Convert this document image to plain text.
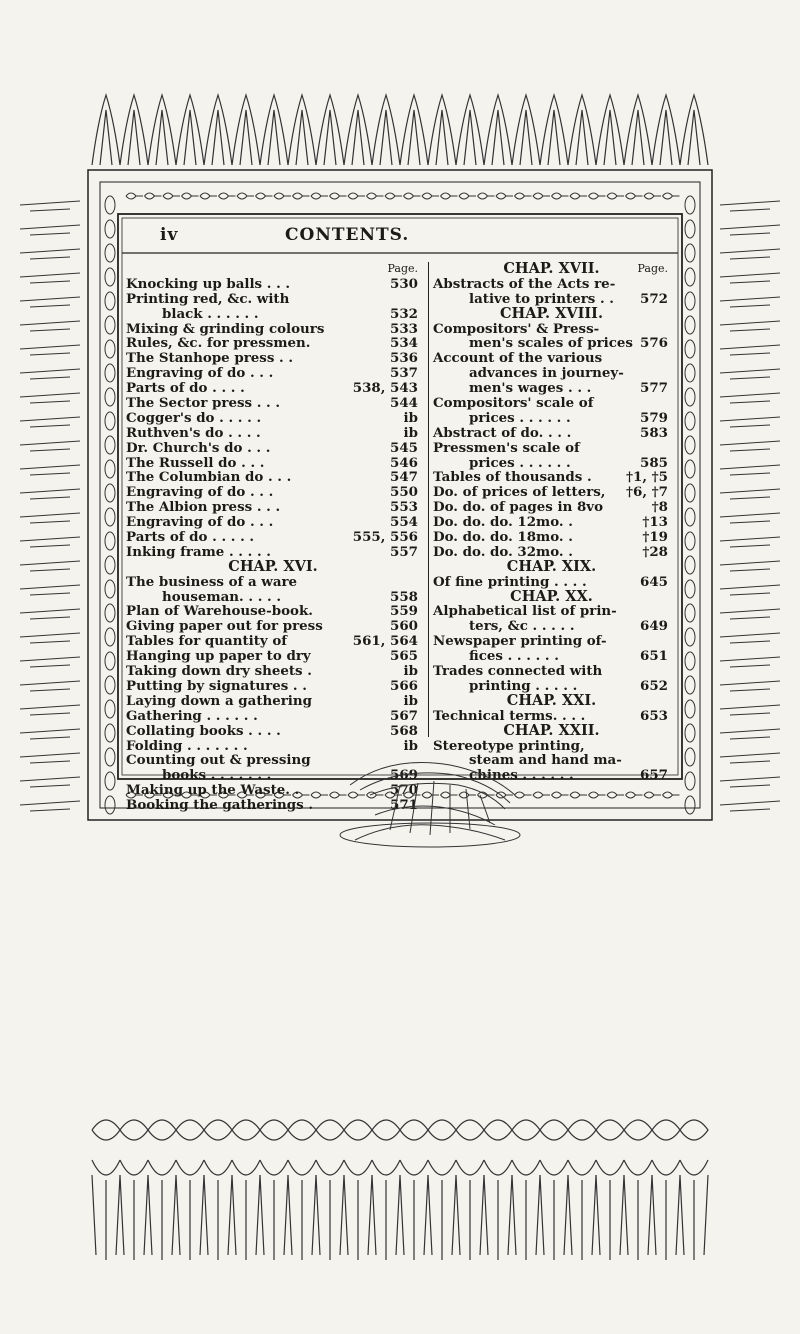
iv	CONTENTS.
Page.
Knocking up balls . . .	530
Printing red, &c. with
black . . . . . .	532
Mixing & grinding colours	533
Rules, &c. for pressmen.	534
The Stanhope press . .	536
Engraving of do . . .	537
Parts of do . . . .	538, 543
The Sector press . . .	544
Cogger's do . . . . .	ib
Ruthven's do . . . .	ib
Dr. Church's do . . .	545
The Russell do . . .	546
The Columbian do . . .	547
Engraving of do . . .	550
The Albion press . . .	553
Engraving of do . . .	554
Parts of do . . . . .	555, 556
Inking frame . . . . .	557
CHAP. XVI.
The business of a ware
houseman. . . . .	558
Plan of Warehouse-book.	559
Giving paper out for press	560
Tables for quantity of	561, 564
Hanging up paper to dry	565
Taking down dry sheets .	ib
Putting by signatures . .	566
Laying down a gathering	ib
Gathering . . . . . .	567
Collating books . . . .	568
Folding . . . . . . .	ib
Counting out & pressing
books . . . . . . .	569
Making up the Waste. .	570
Booking the gatherings .	571
CHAP. XVII.	Page.
Abstracts of the Acts re-
lative to printers . . 572
CHAP. XVIII.
Compositors' & Press-
men's scales of prices 576
Account of the various
advances in journey-
men's wages . . .	577
Compositors' scale of
prices . . . . . .	579
Abstract of do. . . .	583
Pressmen's scale of
prices . . . . . .	585
Tables of thousands .	†1, †5
Do. of prices of letters, †6, †7
Do. do. of pages in 8vo	†8
Do. do. do. 12mo. .	†13
Do. do. do. 18mo. .	†19
Do. do. do. 32mo. .	†28
CHAP. XIX.
Of fine printing . . . .	645
CHAP. XX.
Alphabetical list of prin-
ters, &c . . . . .	649
Newspaper printing of-
fices . . . . . .	651
Trades connected with
printing . . . . .	652
CHAP. XXI.
Technical terms. . . .	653
CHAP. XXII.
Stereotype printing,
steam and hand ma-
chines . . . . . .	657
